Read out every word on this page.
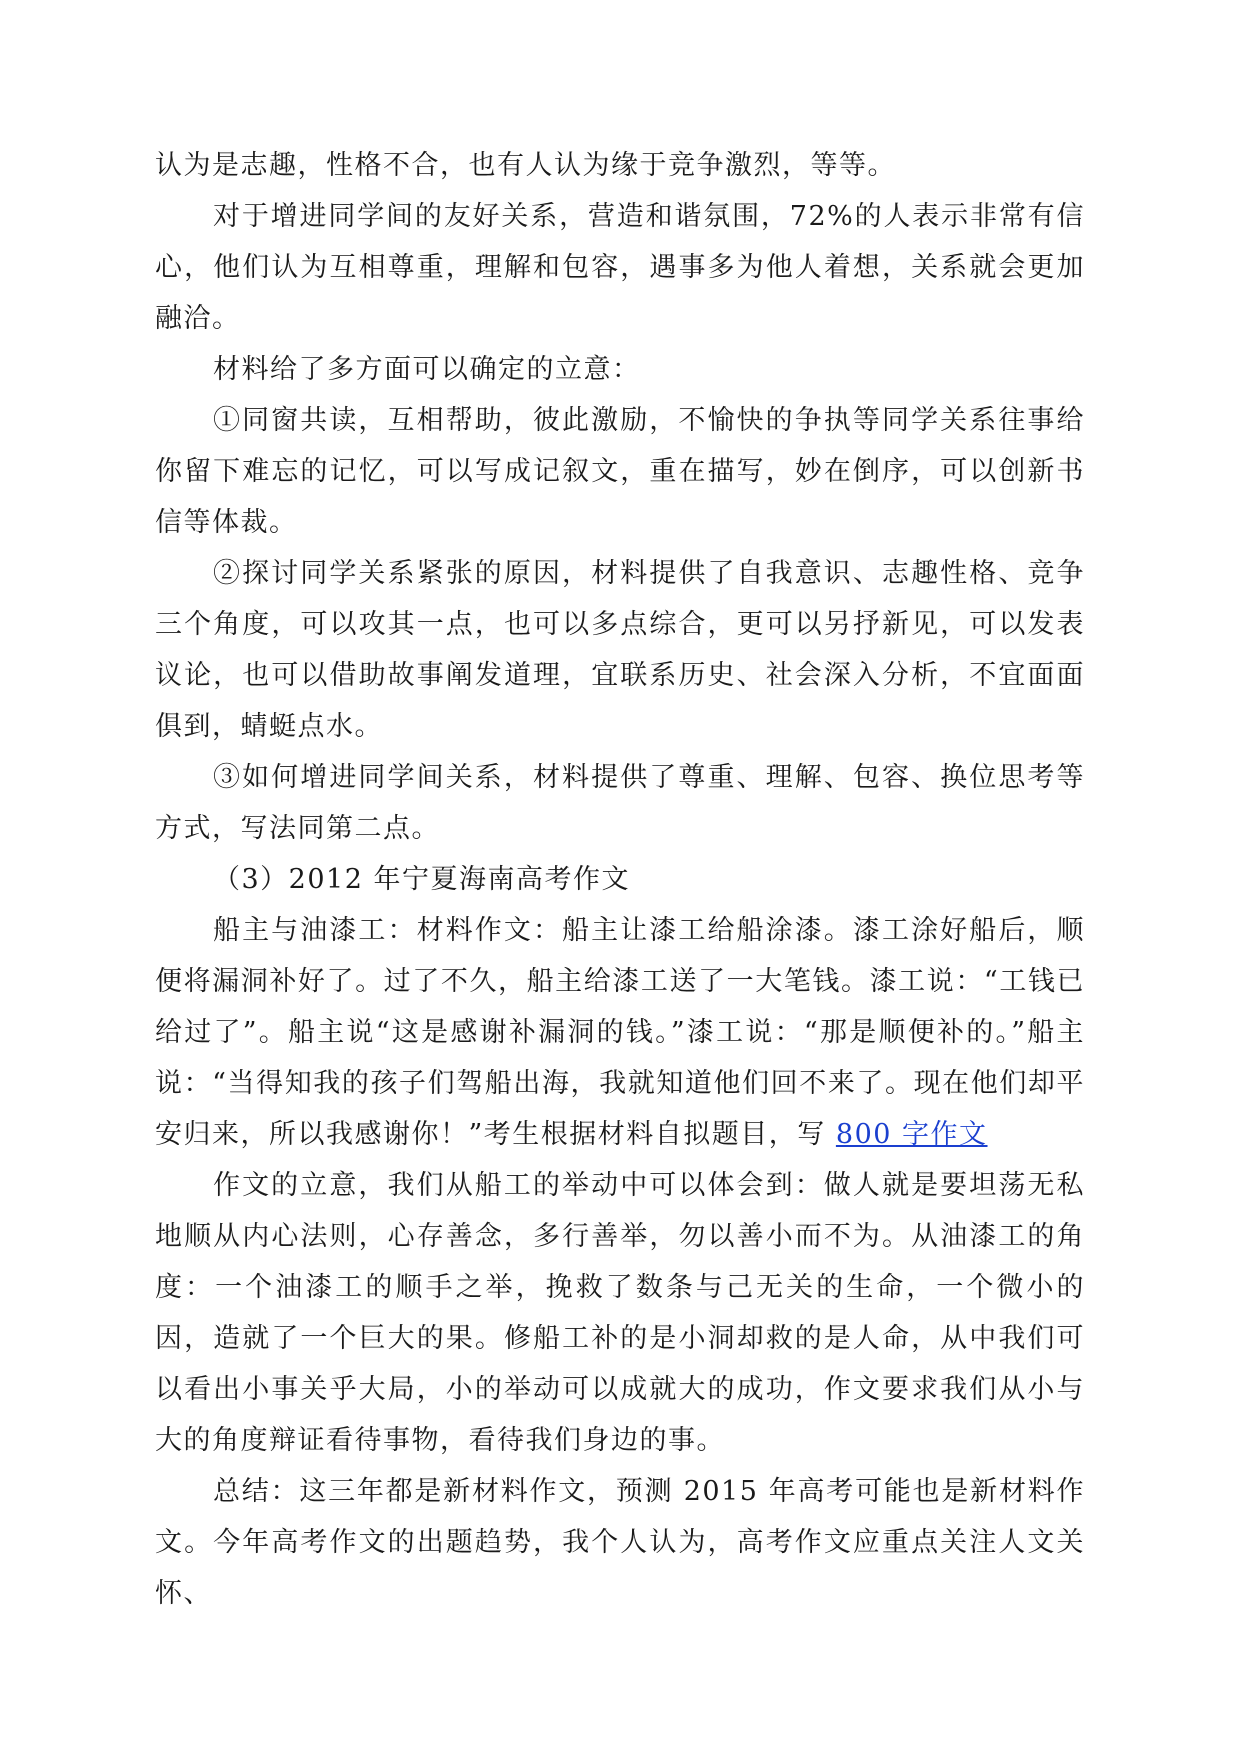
认为是志趣，性格不合，也有人认为缘于竞争激烈，等等。

对于增进同学间的友好关系，营造和谐氛围，72%的人表示非常有信心，他们认为互相尊重，理解和包容，遇事多为他人着想，关系就会更加融洽。

材料给了多方面可以确定的立意：

①同窗共读，互相帮助，彼此激励，不愉快的争执等同学关系往事给你留下难忘的记忆，可以写成记叙文，重在描写，妙在倒序，可以创新书信等体裁。

②探讨同学关系紧张的原因，材料提供了自我意识、志趣性格、竞争三个角度，可以攻其一点，也可以多点综合，更可以另抒新见，可以发表议论，也可以借助故事阐发道理，宜联系历史、社会深入分析，不宜面面俱到，蜻蜓点水。

③如何增进同学间关系，材料提供了尊重、理解、包容、换位思考等方式，写法同第二点。

（3）2012 年宁夏海南高考作文

船主与油漆工：材料作文：船主让漆工给船涂漆。漆工涂好船后，顺便将漏洞补好了。过了不久，船主给漆工送了一大笔钱。漆工说：“工钱已给过了”。船主说“这是感谢补漏洞的钱。”漆工说：“那是顺便补的。”船主说：“当得知我的孩子们驾船出海，我就知道他们回不来了。现在他们却平安归来，所以我感谢你！”考生根据材料自拟题目，写 800 字作文

作文的立意，我们从船工的举动中可以体会到：做人就是要坦荡无私地顺从内心法则，心存善念，多行善举，勿以善小而不为。从油漆工的角度：一个油漆工的顺手之举，挽救了数条与己无关的生命，一个微小的因，造就了一个巨大的果。修船工补的是小洞却救的是人命，从中我们可以看出小事关乎大局，小的举动可以成就大的成功，作文要求我们从小与大的角度辩证看待事物，看待我们身边的事。

总结：这三年都是新材料作文，预测 2015 年高考可能也是新材料作文。今年高考作文的出题趋势，我个人认为，高考作文应重点关注人文关怀、
